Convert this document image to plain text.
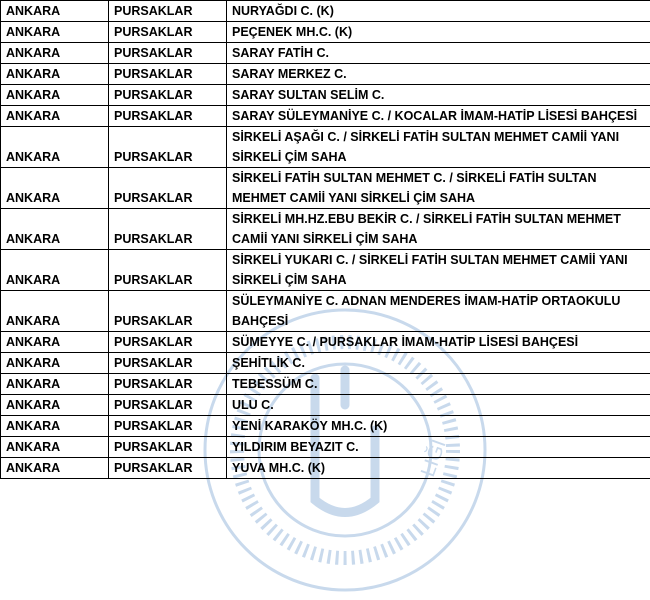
LIĞI
ANKARA	PURSAKLAR	NURYAĞDI C. (K)
ANKARA	PURSAKLAR	PEÇENEK MH.C. (K)
ANKARA	PURSAKLAR	SARAY FATİH C.
ANKARA	PURSAKLAR	SARAY MERKEZ C.
ANKARA	PURSAKLAR	SARAY SULTAN SELİM C.
ANKARA	PURSAKLAR	SARAY SÜLEYMANİYE C. / KOCALAR İMAM-HATİP LİSESİ BAHÇESİ
ANKARA	PURSAKLAR	SİRKELİ AŞAĞI C. / SİRKELİ FATİH SULTAN MEHMET CAMİİ YANI SİRKELİ ÇİM SAHA
ANKARA	PURSAKLAR	SİRKELİ FATİH SULTAN MEHMET C. / SİRKELİ FATİH SULTAN MEHMET CAMİİ YANI SİRKELİ ÇİM SAHA
ANKARA	PURSAKLAR	SİRKELİ MH.HZ.EBU BEKİR C. / SİRKELİ FATİH SULTAN MEHMET CAMİİ YANI SİRKELİ ÇİM SAHA
ANKARA	PURSAKLAR	SİRKELİ YUKARI C. / SİRKELİ FATİH SULTAN MEHMET CAMİİ YANI SİRKELİ ÇİM SAHA
ANKARA	PURSAKLAR	SÜLEYMANİYE C. ADNAN MENDERES İMAM-HATİP ORTAOKULU BAHÇESİ
ANKARA	PURSAKLAR	SÜMEYYE C. / PURSAKLAR İMAM-HATİP LİSESİ BAHÇESİ
ANKARA	PURSAKLAR	ŞEHİTLİK C.
ANKARA	PURSAKLAR	TEBESSÜM C.
ANKARA	PURSAKLAR	ULU C.
ANKARA	PURSAKLAR	YENİ KARAKÖY MH.C. (K)
ANKARA	PURSAKLAR	YILDIRIM BEYAZIT C.
ANKARA	PURSAKLAR	YUVA MH.C. (K)
